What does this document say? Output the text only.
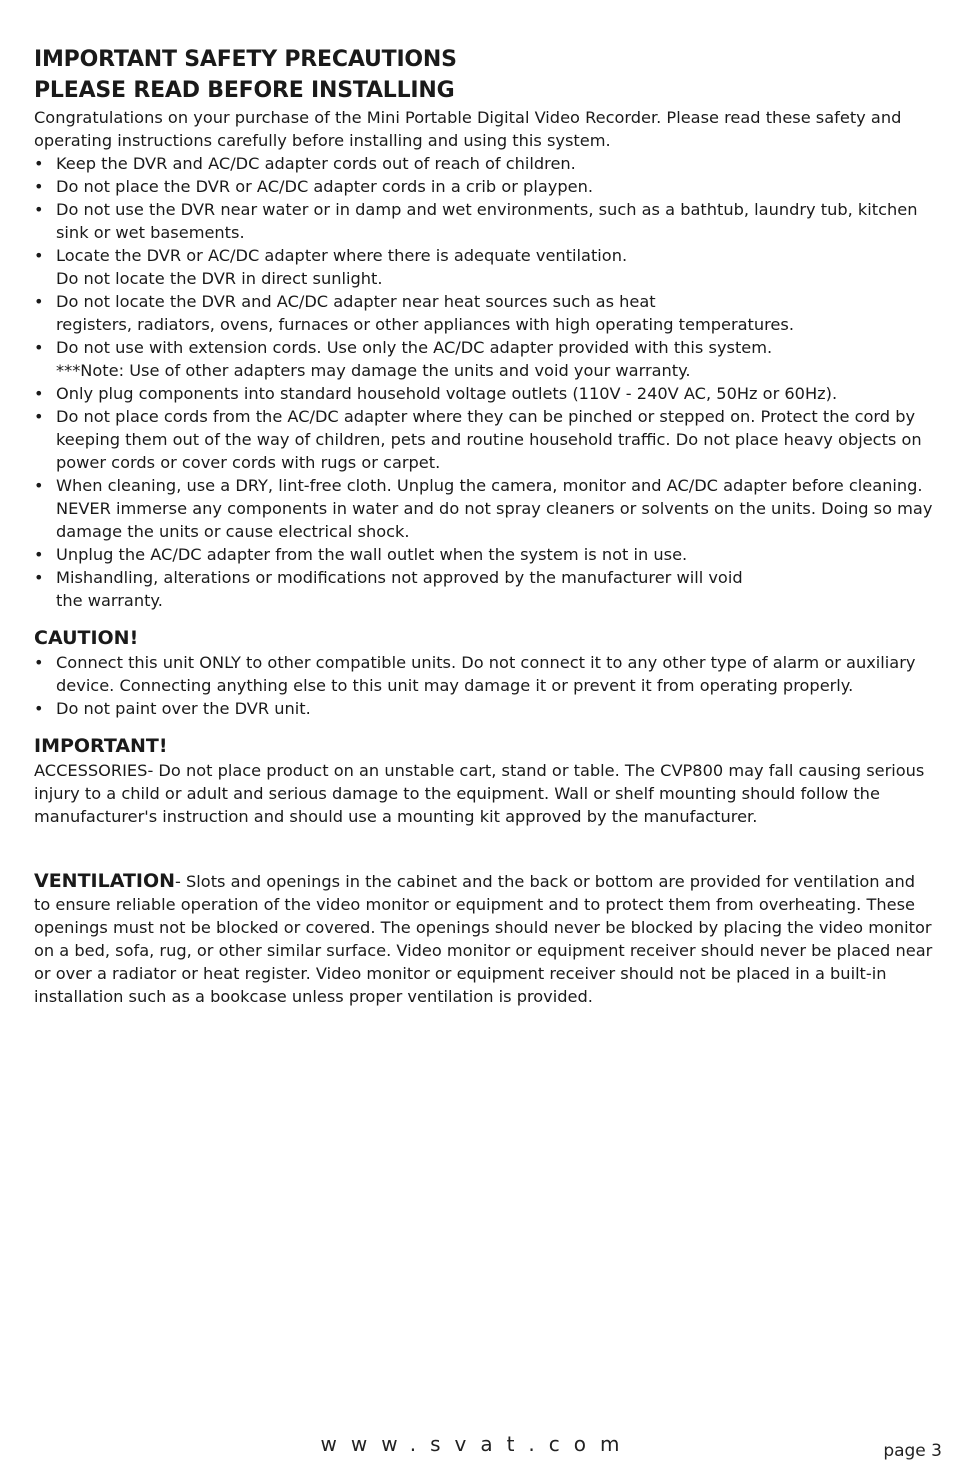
IMPORTANT SAFETY PRECAUTIONS
PLEASE READ BEFORE INSTALLING

Congratulations on your purchase of the Mini Portable Digital Video Recorder. Please read these safety and operating instructions carefully before installing and using this system.

• Keep the DVR and AC/DC adapter cords out of reach of children.
• Do not place the DVR or AC/DC adapter cords in a crib or playpen.
• Do not use the DVR near water or in damp and wet environments, such as a bathtub, laundry tub, kitchen sink or wet basements.
• Locate the DVR or AC/DC adapter where there is adequate ventilation.
Do not locate the DVR in direct sunlight.
• Do not locate the DVR and AC/DC adapter near heat sources such as heat
registers, radiators, ovens, furnaces or other appliances with high operating temperatures.
• Do not use with extension cords. Use only the AC/DC adapter provided with this system.
***Note: Use of other adapters may damage the units and void your warranty.
• Only plug components into standard household voltage outlets (110V - 240V AC, 50Hz or 60Hz).
• Do not place cords from the AC/DC adapter where they can be pinched or stepped on. Protect the cord by keeping them out of the way of children, pets and routine household traffic. Do not place heavy objects on power cords or cover cords with rugs or carpet.
• When cleaning, use a DRY, lint-free cloth. Unplug the camera, monitor and AC/DC adapter before cleaning. NEVER immerse any components in water and do not spray cleaners or solvents on the units. Doing so may damage the units or cause electrical shock.
• Unplug the AC/DC adapter from the wall outlet when the system is not in use.
• Mishandling, alterations or modifications not approved by the manufacturer will void
the warranty.
CAUTION!
• Connect this unit ONLY to other compatible units. Do not connect it to any other type of alarm or auxiliary device. Connecting anything else to this unit may damage it or prevent it from operating properly.
• Do not paint over the DVR unit.
IMPORTANT!

ACCESSORIES- Do not place product on an unstable cart, stand or table. The CVP800 may fall causing serious injury to a child or adult and serious damage to the equipment. Wall or shelf mounting should follow the manufacturer's instruction and should use a mounting kit approved by the manufacturer.

VENTILATION- Slots and openings in the cabinet and the back or bottom are provided for ventilation and to ensure reliable operation of the video monitor or equipment and to protect them from overheating. These openings must not be blocked or covered. The openings should never be blocked by placing the video monitor on a bed, sofa, rug, or other similar surface. Video monitor or equipment receiver should never be placed near or over a radiator or heat register. Video monitor or equipment receiver should not be placed in a built-in installation such as a bookcase unless proper ventilation is provided.

www.svat.com	page 3
